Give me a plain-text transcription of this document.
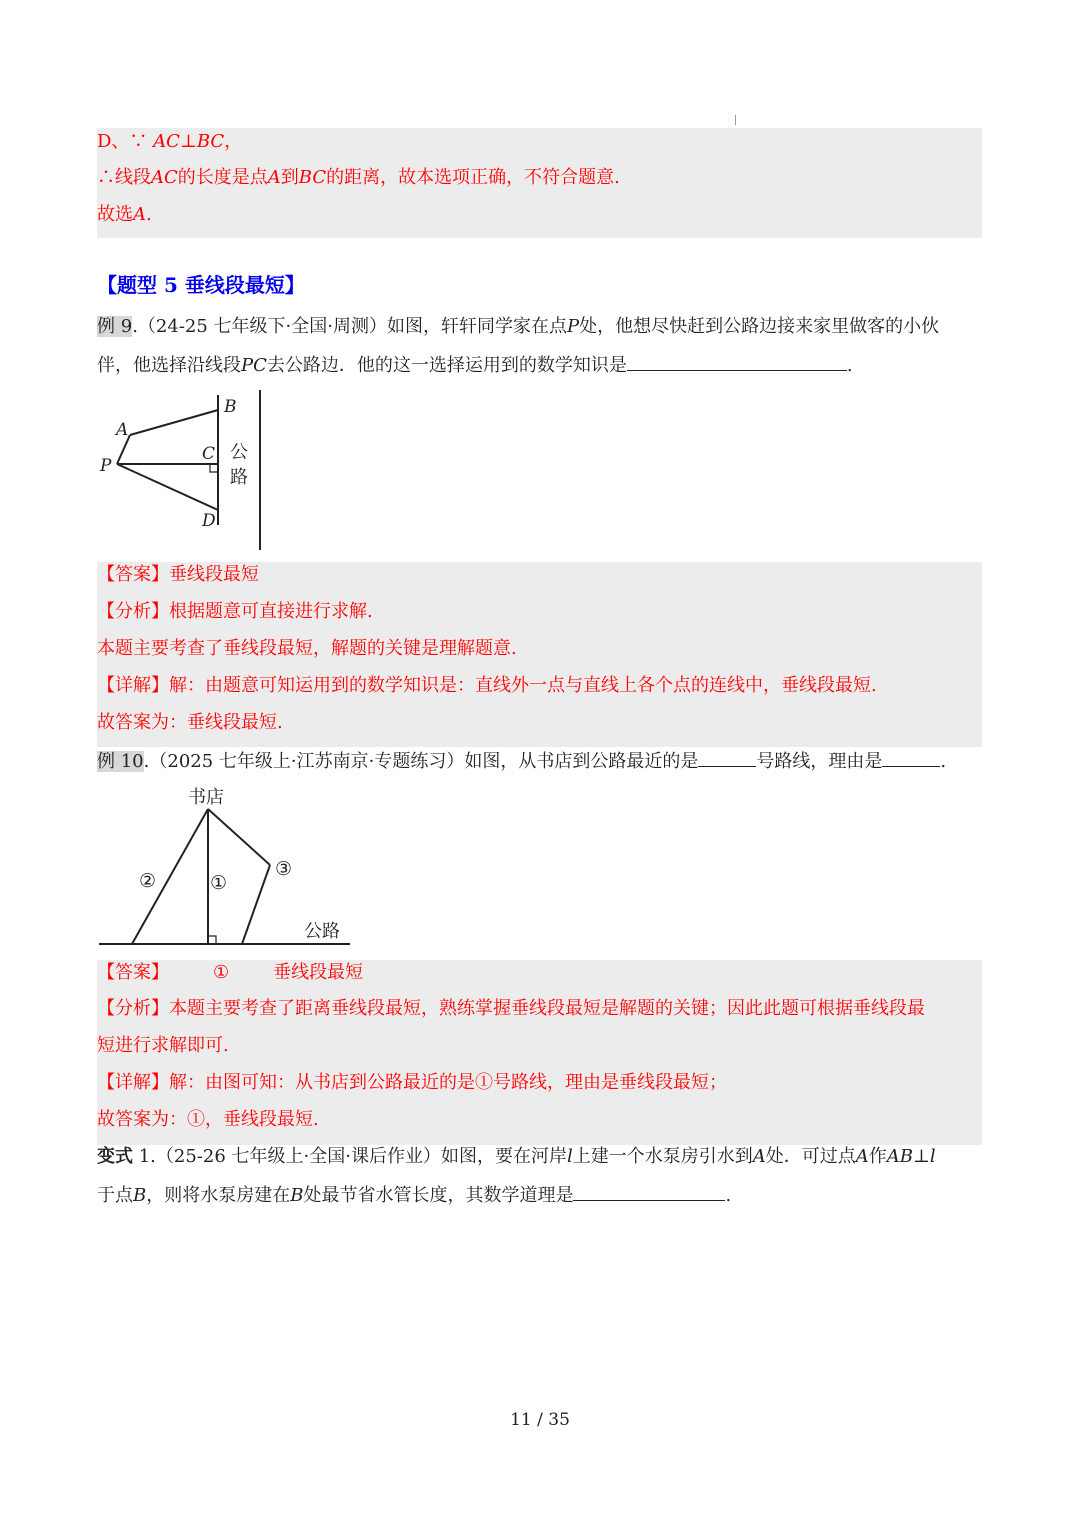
D、∵ AC⊥BC，
∴线段AC的长度是点A到BC的距离，故本选项正确，不符合题意.
故选A.
【题型 5 垂线段最短】
例 9.（24-25 七年级下·全国·周测）如图，轩轩同学家在点P处，他想尽快赶到公路边接来家里做客的小伙
伴，他选择沿线段PC去公路边．他的这一选择运用到的数学知识是	.
B
A
C
P
D
公
路
【答案】垂线段最短
【分析】根据题意可直接进行求解.
本题主要考查了垂线段最短，解题的关键是理解题意.
【详解】解：由题意可知运用到的数学知识是：直线外一点与直线上各个点的连线中，垂线段最短.
故答案为：垂线段最短.
例 10.（2025 七年级上·江苏南京·专题练习）如图，从书店到公路最近的是	号路线，理由是	.
书店
公路
①
②
③
【答案】 ① 垂线段最短
【分析】本题主要考查了距离垂线段最短，熟练掌握垂线段最短是解题的关键；因此此题可根据垂线段最
短进行求解即可.
【详解】解：由图可知：从书店到公路最近的是①号路线，理由是垂线段最短；
故答案为：①，垂线段最短.
变式 1.（25-26 七年级上·全国·课后作业）如图，要在河岸l上建一个水泵房引水到A处．可过点A作AB⊥l
于点B，则将水泵房建在B处最节省水管长度，其数学道理是	.
11 / 35
